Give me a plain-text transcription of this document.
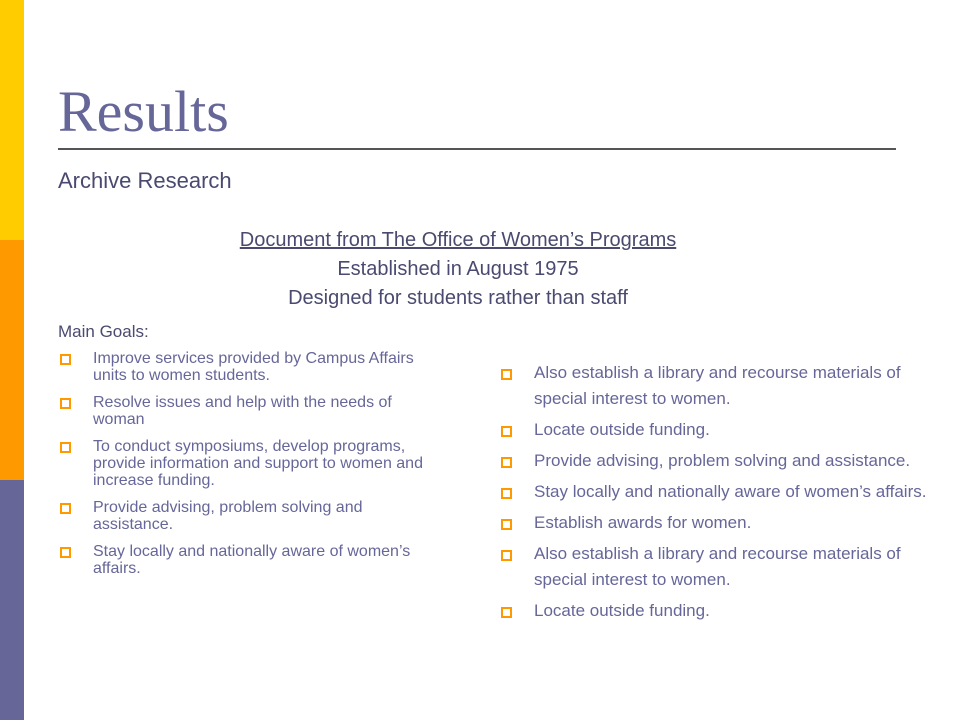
Results
Archive Research
Document from The Office of Women’s Programs
Established in August 1975
Designed for students rather than staff
Main Goals:
Improve services provided by Campus Affairs units to women students.
Resolve issues and help with the needs of woman
To conduct symposiums, develop programs, provide information and support to women and increase funding.
Provide advising, problem solving and assistance.
Stay locally and nationally aware of women’s affairs.
Also establish a library and recourse materials of special interest to women.
Locate outside funding.
Provide advising, problem solving and assistance.
Stay locally and nationally aware of women’s affairs.
Establish awards for women.
Also establish a library and recourse materials of special interest to women.
Locate outside funding.
